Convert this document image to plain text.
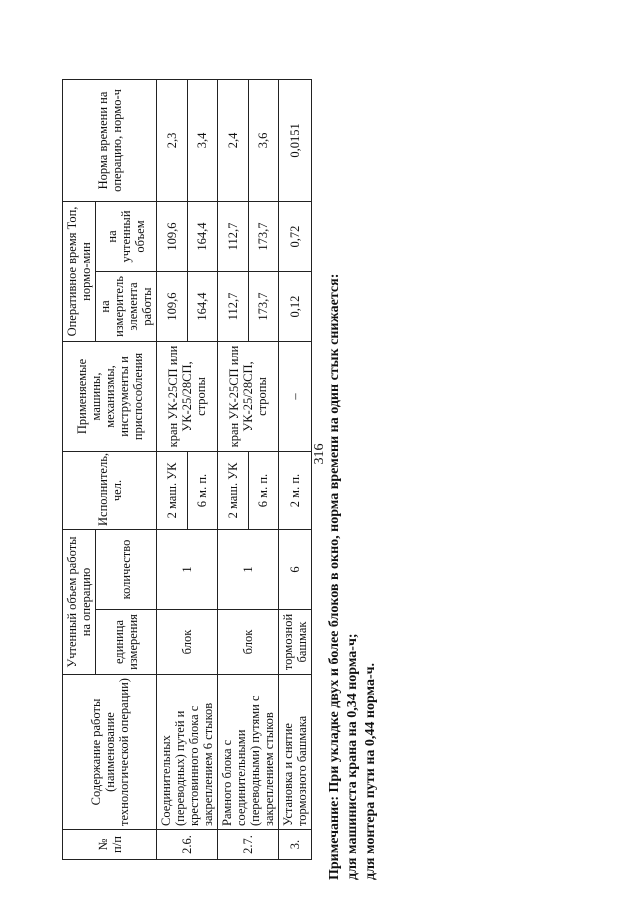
316
№
п/п	Содержание работы (наименование технологической операции)	Учтенный объем работы на операцию		Исполнитель, чел.	Применяемые машины, механизмы, инструменты и приспособления	Оперативное время Топ, нормо-мин		Норма времени на операцию, нормо-ч
		единица измерения	количество			на измеритель элемента работы	на учтенный объем	
2.6.	Соединительных (переводных) путей и крестовинного блока с закреплением 6 стыков	блок	1	2 маш. УК	кран УК-25СП или УК-25/28СП, стропы	109,6	109,6	2,3
				6 м. п.		164,4	164,4	3,4
2.7.	Рамного блока с соединительными (переводными) путями с закреплением стыков	блок	1	2 маш. УК	кран УК-25СП или УК-25/28СП, стропы	112,7	112,7	2,4
				6 м. п.		173,7	173,7	3,6
3.	Установка и снятие тормозного башмака	тормозной башмак	6	2 м. п.	–	0,12	0,72	0,0151
Примечание: При укладке двух и более блоков в окно, норма времени на один стык снижается: для машиниста крана на 0,34 норма-ч; для монтера пути на 0,44 норма-ч.
